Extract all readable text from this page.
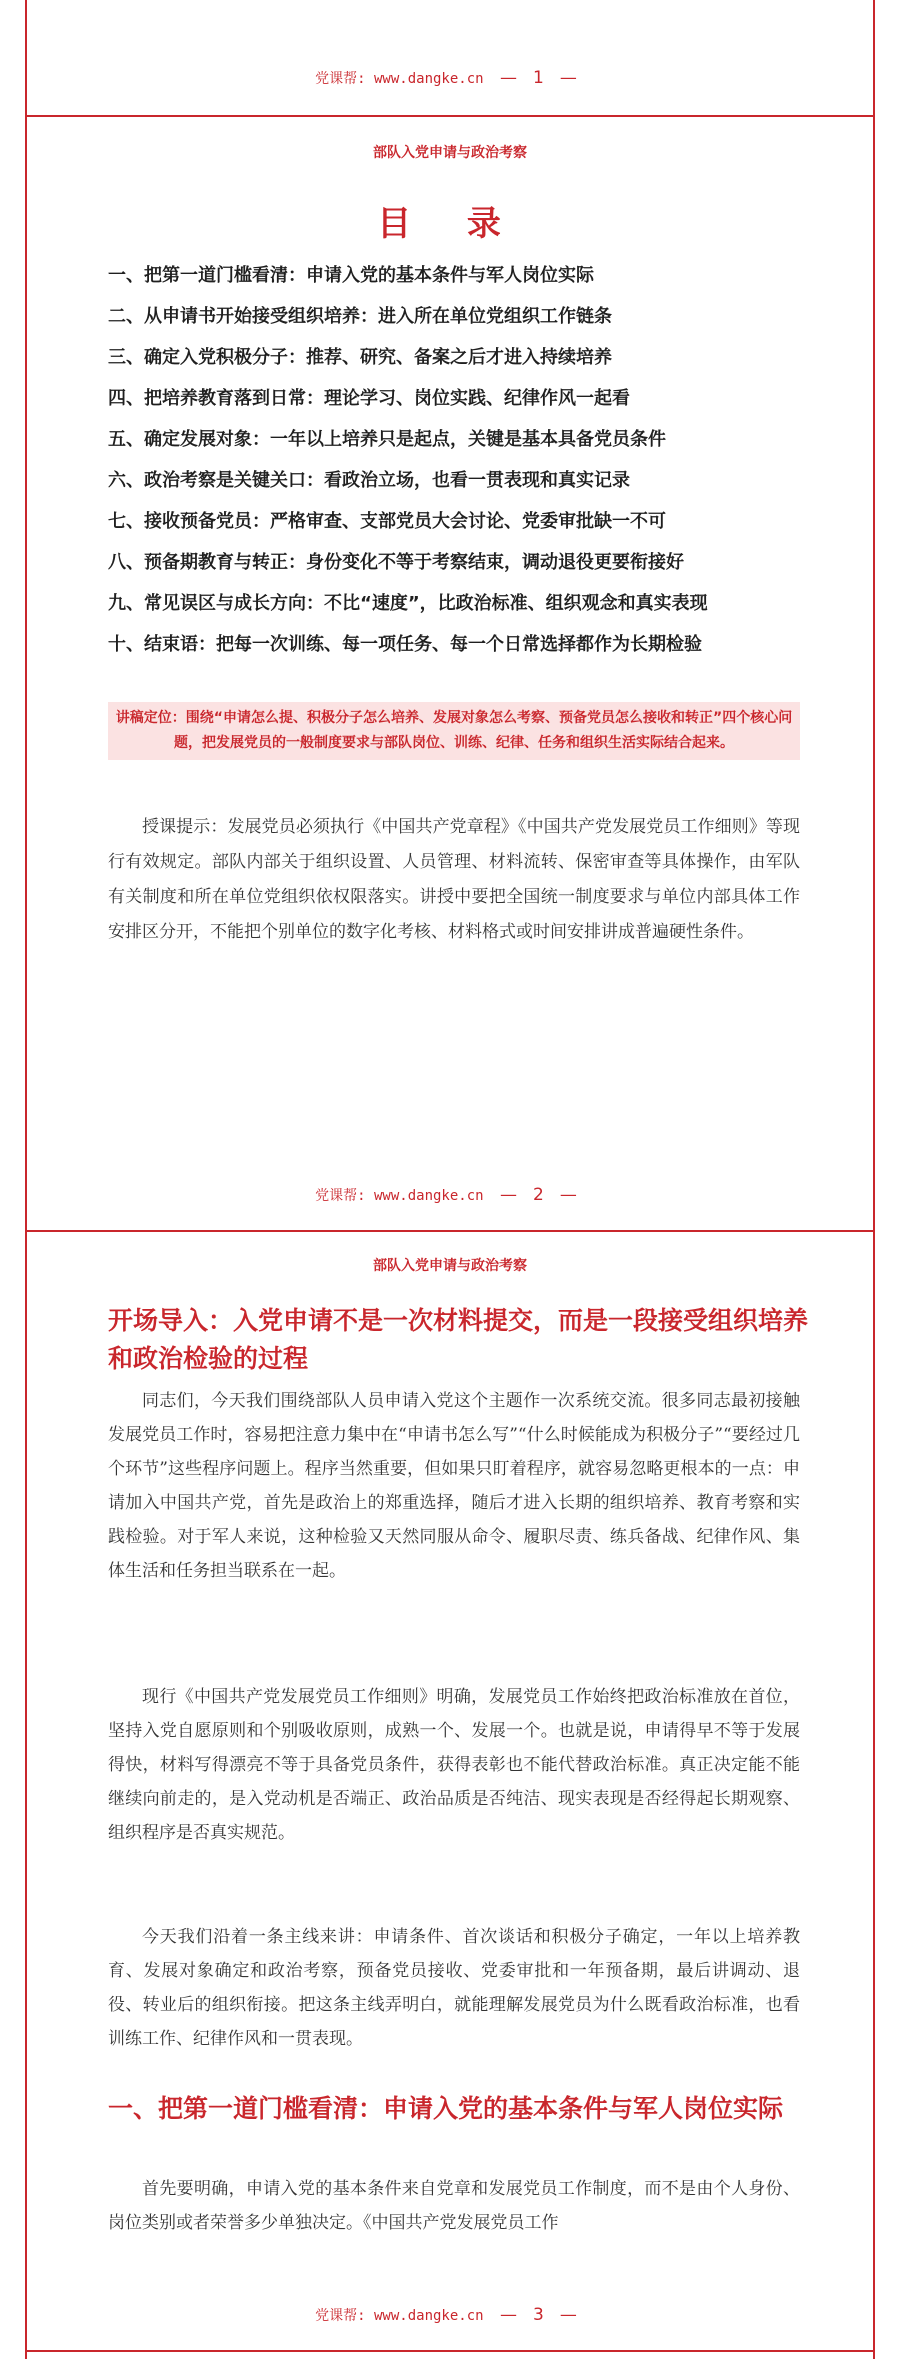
党课帮: www.dangke.cn — 1 —
部队入党申请与政治考察
目 录
一、把第一道门槛看清：申请入党的基本条件与军人岗位实际
二、从申请书开始接受组织培养：进入所在单位党组织工作链条
三、确定入党积极分子：推荐、研究、备案之后才进入持续培养
四、把培养教育落到日常：理论学习、岗位实践、纪律作风一起看
五、确定发展对象：一年以上培养只是起点，关键是基本具备党员条件
六、政治考察是关键关口：看政治立场，也看一贯表现和真实记录
七、接收预备党员：严格审查、支部党员大会讨论、党委审批缺一不可
八、预备期教育与转正：身份变化不等于考察结束，调动退役更要衔接好
九、常见误区与成长方向：不比“速度”，比政治标准、组织观念和真实表现
十、结束语：把每一次训练、每一项任务、每一个日常选择都作为长期检验
讲稿定位：围绕“申请怎么提、积极分子怎么培养、发展对象怎么考察、预备党员怎么接收和转正”四个核心问题，把发展党员的一般制度要求与部队岗位、训练、纪律、任务和组织生活实际结合起来。

授课提示：发展党员必须执行《中国共产党章程》《中国共产党发展党员工作细则》等现行有效规定。部队内部关于组织设置、人员管理、材料流转、保密审查等具体操作，由军队有关制度和所在单位党组织依权限落实。讲授中要把全国统一制度要求与单位内部具体工作安排区分开，不能把个别单位的数字化考核、材料格式或时间安排讲成普遍硬性条件。

党课帮: www.dangke.cn — 2 —
部队入党申请与政治考察
开场导入：入党申请不是一次材料提交，而是一段接受组织培养和政治检验的过程

同志们，今天我们围绕部队人员申请入党这个主题作一次系统交流。很多同志最初接触发展党员工作时，容易把注意力集中在“申请书怎么写”“什么时候能成为积极分子”“要经过几个环节”这些程序问题上。程序当然重要，但如果只盯着程序，就容易忽略更根本的一点：申请加入中国共产党，首先是政治上的郑重选择，随后才进入长期的组织培养、教育考察和实践检验。对于军人来说，这种检验又天然同服从命令、履职尽责、练兵备战、纪律作风、集体生活和任务担当联系在一起。

现行《中国共产党发展党员工作细则》明确，发展党员工作始终把政治标准放在首位，坚持入党自愿原则和个别吸收原则，成熟一个、发展一个。也就是说，申请得早不等于发展得快，材料写得漂亮不等于具备党员条件，获得表彰也不能代替政治标准。真正决定能不能继续向前走的，是入党动机是否端正、政治品质是否纯洁、现实表现是否经得起长期观察、组织程序是否真实规范。

今天我们沿着一条主线来讲：申请条件、首次谈话和积极分子确定，一年以上培养教育、发展对象确定和政治考察，预备党员接收、党委审批和一年预备期，最后讲调动、退役、转业后的组织衔接。把这条主线弄明白，就能理解发展党员为什么既看政治标准，也看训练工作、纪律作风和一贯表现。

一、把第一道门槛看清：申请入党的基本条件与军人岗位实际

首先要明确，申请入党的基本条件来自党章和发展党员工作制度，而不是由个人身份、岗位类别或者荣誉多少单独决定。《中国共产党发展党员工作

党课帮: www.dangke.cn — 3 —
